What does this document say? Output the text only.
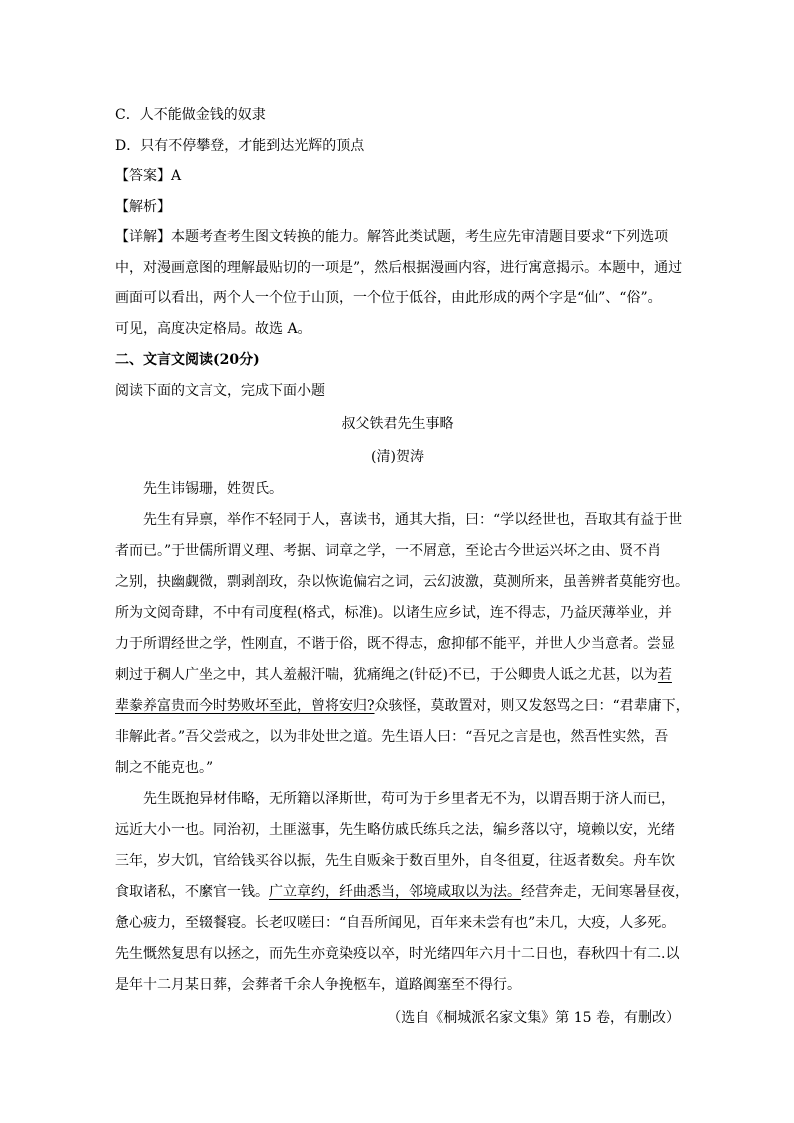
C．人不能做金钱的奴隶
D．只有不停攀登，才能到达光辉的顶点
【答案】A
【解析】
【详解】本题考查考生图文转换的能力。解答此类试题，考生应先审清题目要求“下列选项
中，对漫画意图的理解最贴切的一项是”，然后根据漫画内容，进行寓意揭示。本题中，通过
画面可以看出，两个人一个位于山顶，一个位于低谷，由此形成的两个字是“仙”、“俗”。
可见，高度决定格局。故选 A。
二、文言文阅读(20分)
阅读下面的文言文，完成下面小题
叔父铁君先生事略
(清)贺涛
先生讳锡珊，姓贺氏。
先生有异禀，举作不轻同于人，喜读书，通其大指，曰：“学以经世也，吾取其有益于世
者而已。”于世儒所谓义理、考据、词章之学，一不屑意，至论古今世运兴坏之由、贤不肖
之别，抉幽觑微，剽剥剖玫，杂以恢诡偏宕之词，云幻波激，莫测所来，虽善辨者莫能穷也。
所为文阅奇肆，不中有司度程(格式，标准)。以诸生应乡试，连不得志，乃益厌薄举业，并
力于所谓经世之学，性刚直，不谐于俗，既不得志，愈抑郁不能平，并世人少当意者。尝显
刺过于稠人广坐之中，其人羞赧汗喘，犹痛绳之(针砭)不已，于公卿贵人诋之尤甚，以为若
辈豢养富贵而今时势败坏至此，曾将安归?众骇怪，莫敢置对，则又发怒骂之曰：“君辈庸下，
非解此者。”吾父尝戒之，以为非处世之道。先生语人曰：“吾兄之言是也，然吾性实然，吾
制之不能克也。”
先生既抱异材伟略，无所籍以泽斯世，苟可为于乡里者无不为，以谓吾期于济人而已，
远近大小一也。同治初，土匪滋事，先生略仿戚氏练兵之法，编乡落以守，境赖以安，光绪
三年，岁大饥，官给钱买谷以振，先生自贩籴于数百里外，自冬徂夏，往返者数矣。舟车饮
食取诸私，不縻官一钱。广立章约，纤曲悉当，邻境咸取以为法。经营奔走，无间寒暑昼夜，
惫心疲力，至辍餐寝。长老叹嗟曰：“自吾所闻见，百年来未尝有也”未几，大疫，人多死。
先生慨然复思有以拯之，而先生亦竟染疫以卒，时光绪四年六月十二日也，春秋四十有二.以
是年十二月某日葬，会葬者千余人争挽柩车，道路阗塞至不得行。
（选自《桐城派名家文集》第 15 卷，有删改）
